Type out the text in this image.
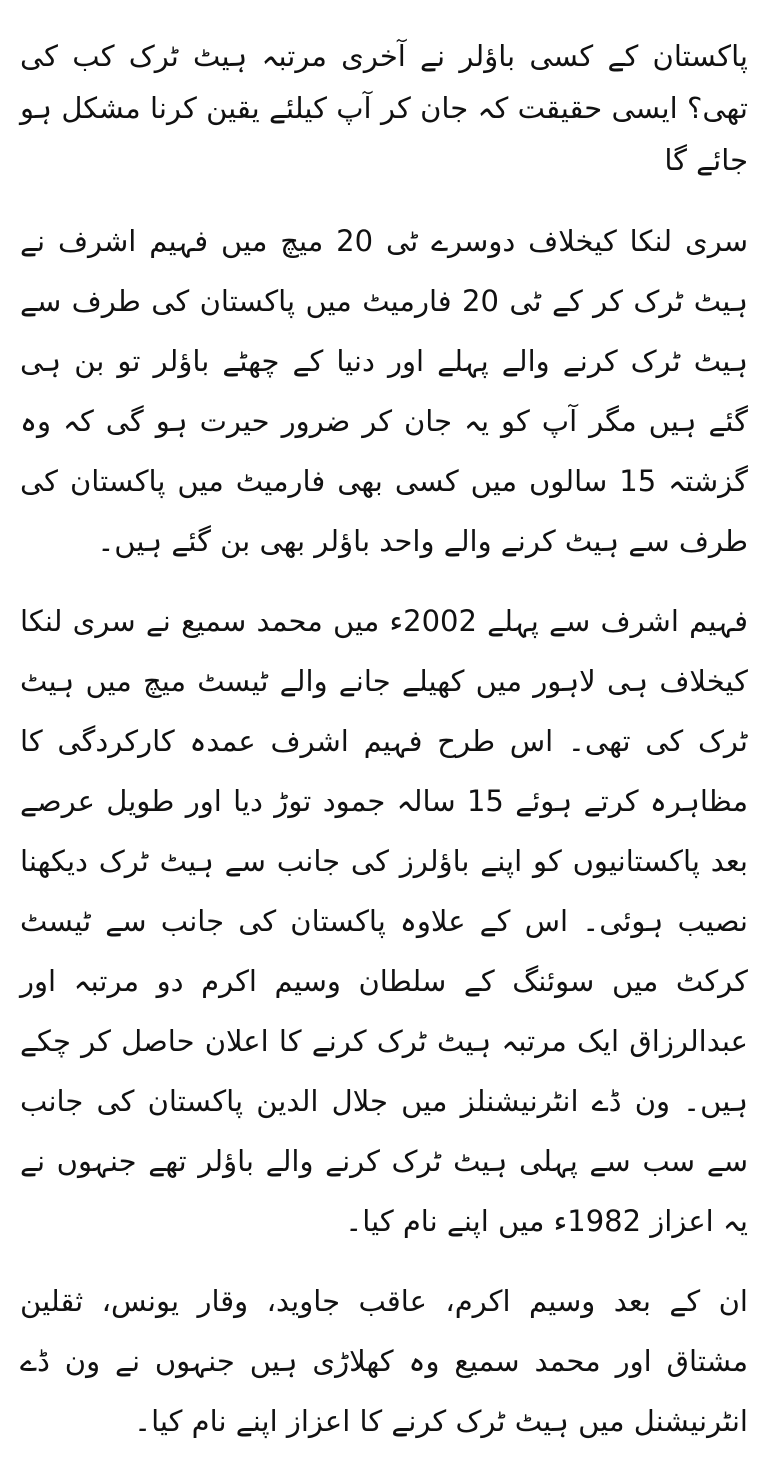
پاکستان کے کسی باؤلر نے آخری مرتبہ ہیٹ ٹرک کب کی تھی؟ ایسی حقیقت کہ جان کر آپ کیلئے یقین کرنا مشکل ہو جائے گا

سری لنکا کیخلاف دوسرے ٹی 20 میچ میں فہیم اشرف نے ہیٹ ٹرک کر کے ٹی 20 فارمیٹ میں پاکستان کی طرف سے ہیٹ ٹرک کرنے والے پہلے اور دنیا کے چھٹے باؤلر تو بن ہی گئے ہیں مگر آپ کو یہ جان کر ضرور حیرت ہو گی کہ وہ گزشتہ 15 سالوں میں کسی بھی فارمیٹ میں پاکستان کی طرف سے ہیٹ کرنے والے واحد باؤلر بھی بن گئے ہیں۔

فہیم اشرف سے پہلے 2002ء میں محمد سمیع نے سری لنکا کیخلاف ہی لاہور میں کھیلے جانے والے ٹیسٹ میچ میں ہیٹ ٹرک کی تھی۔ اس طرح فہیم اشرف عمدہ کارکردگی کا مظاہرہ کرتے ہوئے 15 سالہ جمود توڑ دیا اور طویل عرصے بعد پاکستانیوں کو اپنے باؤلرز کی جانب سے ہیٹ ٹرک دیکھنا نصیب ہوئی۔ اس کے علاوہ پاکستان کی جانب سے ٹیسٹ کرکٹ میں سوئنگ کے سلطان وسیم اکرم دو مرتبہ اور عبدالرزاق ایک مرتبہ ہیٹ ٹرک کرنے کا اعلان حاصل کر چکے ہیں۔ ون ڈے انٹرنیشنلز میں جلال الدین پاکستان کی جانب سے سب سے پہلی ہیٹ ٹرک کرنے والے باؤلر تھے جنہوں نے یہ اعزاز 1982ء میں اپنے نام کیا۔

ان کے بعد وسیم اکرم، عاقب جاوید، وقار یونس، ثقلین مشتاق اور محمد سمیع وہ کھلاڑی ہیں جنہوں نے ون ڈے انٹرنیشنل میں ہیٹ ٹرک کرنے کا اعزاز اپنے نام کیا۔
